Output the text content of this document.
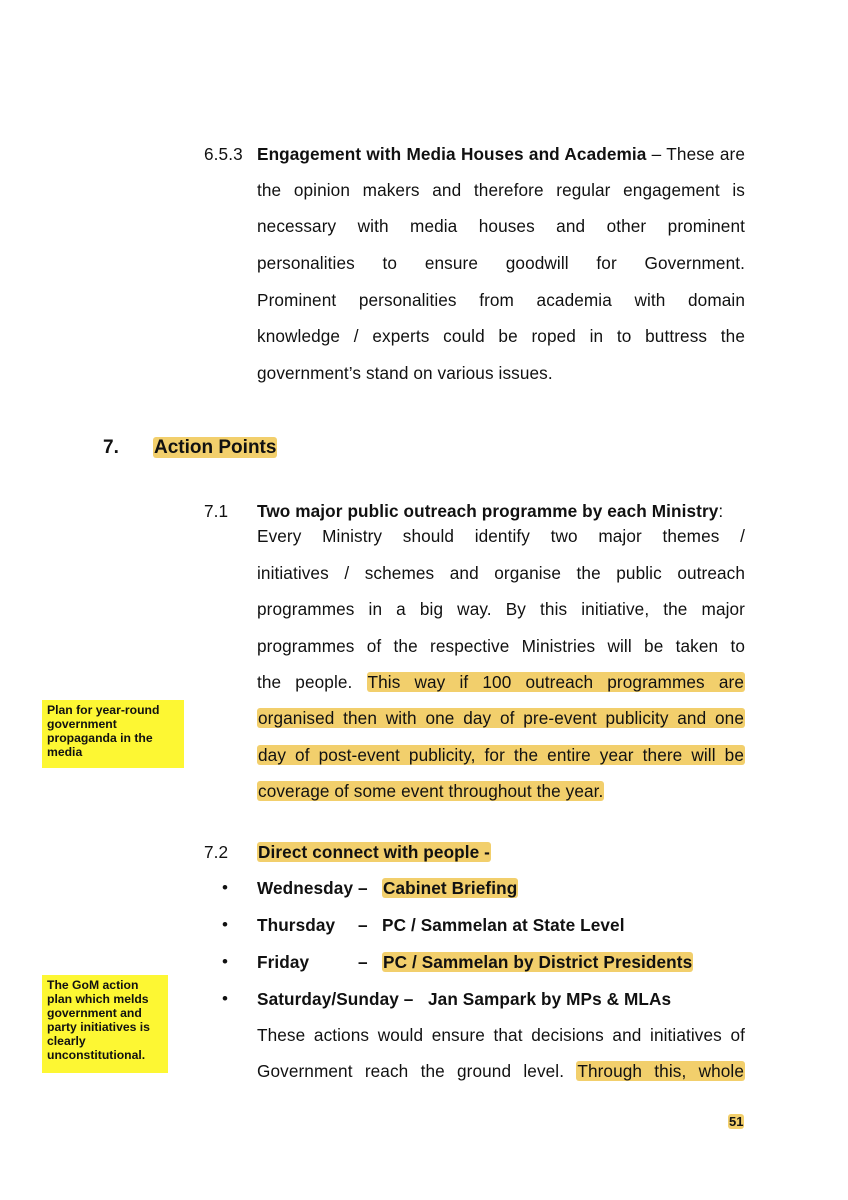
6.5.3 Engagement with Media Houses and Academia – These are
the opinion makers and therefore regular engagement is
necessary with media houses and other prominent
personalities to ensure goodwill for Government.
Prominent personalities from academia with domain
knowledge / experts could be roped in to buttress the
government’s stand on various issues.
7. Action Points
7.1 Two major public outreach programme by each Ministry:
Every Ministry should identify two major themes /
initiatives / schemes and organise the public outreach
programmes in a big way. By this initiative, the major
programmes of the respective Ministries will be taken to
the people. This way if 100 outreach programmes are
organised then with one day of pre-event publicity and one
day of post-event publicity, for the entire year there will be
coverage of some event throughout the year.
Plan for year-round government propaganda in the media
7.2 Direct connect with people -
• Wednesday – Cabinet Briefing
• Thursday – PC / Sammelan at State Level
• Friday	– PC / Sammelan by District Presidents
• Saturday/Sunday – Jan Sampark by MPs & MLAs
The GoM action plan which melds government and party initiatives is clearly unconstitutional.
These actions would ensure that decisions and initiatives of
Government reach the ground level. Through this, whole
51
